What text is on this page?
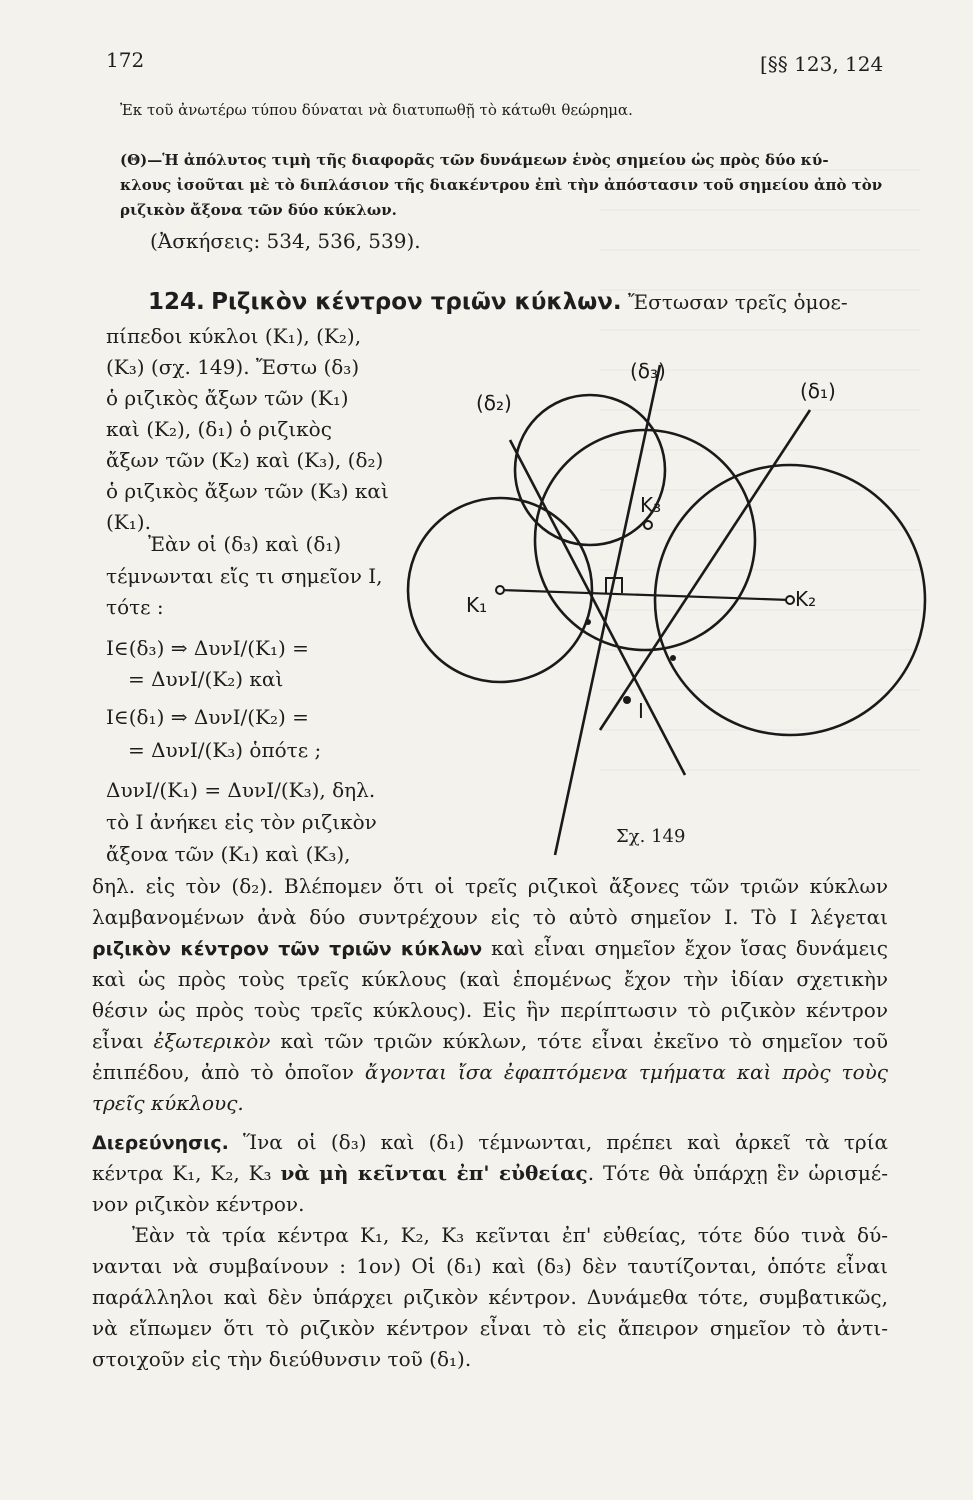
172	[§§ 123, 124
Ἐκ τοῦ ἀνωτέρω τύπου δύναται νὰ διατυπωθῇ τὸ κάτωθι θεώρημα.
(Θ)—Ἡ ἀπόλυτος τιμὴ τῆς διαφορᾶς τῶν δυνάμεων ἑνὸς σημείου ὡς πρὸς δύο κύ-
κλους ἰσοῦται μὲ τὸ διπλάσιον τῆς διακέντρου ἐπὶ τὴν ἀπόστασιν τοῦ σημείου ἀπὸ τὸν
ριζικὸν ἄξονα τῶν δύο κύκλων.
(Ἀσκήσεις: 534, 536, 539).
124. Ριζικὸν κέντρον τριῶν κύκλων. Ἔστωσαν τρεῖς ὁμοε-
πίπεδοι κύκλοι (K₁), (K₂),
(K₃) (σχ. 149). Ἔστω (δ₃)
ὁ ριζικὸς ἄξων τῶν (K₁)
καὶ (K₂), (δ₁) ὁ ριζικὸς
ἄξων τῶν (K₂) καὶ (K₃), (δ₂)
ὁ ριζικὸς ἄξων τῶν (K₃) καὶ
(K₁).
Ἐὰν οἱ (δ₃) καὶ (δ₁)
τέμνωνται εἴς τι σημεῖον I,
τότε :
I∈(δ₃) ⇒ ΔυνI/(K₁) =
= ΔυνI/(K₂) καὶ
I∈(δ₁) ⇒ ΔυνI/(K₂) =
= ΔυνI/(K₃) ὁπότε ;
ΔυνI/(K₁) = ΔυνI/(K₃), δηλ.
τὸ I ἀνήκει εἰς τὸν ριζικὸν
ἄξονα τῶν (K₁) καὶ (K₃),
(δ₃)
(δ₂)	(δ₁)
K₁	K₂
K₃
I
Σχ. 149
δηλ. εἰς τὸν (δ₂). Βλέπομεν ὅτι οἱ τρεῖς ριζικοὶ ἄξονες τῶν τριῶν κύκλων
λαμβανομένων ἀνὰ δύο συντρέχουν εἰς τὸ αὐτὸ σημεῖον I. Τὸ I λέγεται
ριζικὸν κέντρον τῶν τριῶν κύκλων καὶ εἶναι σημεῖον ἔχον ἴσας δυνάμεις
καὶ ὡς πρὸς τοὺς τρεῖς κύκλους (καὶ ἑπομένως ἔχον τὴν ἰδίαν σχετικὴν
θέσιν ὡς πρὸς τοὺς τρεῖς κύκλους). Εἰς ἣν περίπτωσιν τὸ ριζικὸν κέντρον
εἶναι ἐξωτερικὸν καὶ τῶν τριῶν κύκλων, τότε εἶναι ἐκεῖνο τὸ σημεῖον τοῦ
ἐπιπέδου, ἀπὸ τὸ ὁποῖον ἄγονται ἴσα ἐφαπτόμενα τμήματα καὶ πρὸς τοὺς
τρεῖς κύκλους.
Διερεύνησις. Ἵνα οἱ (δ₃) καὶ (δ₁) τέμνωνται, πρέπει καὶ ἀρκεῖ τὰ τρία
κέντρα K₁, K₂, K₃ νὰ μὴ κεῖνται ἐπ' εὐθείας. Τότε θὰ ὑπάρχῃ ἓν ὡρισμέ-
νον ριζικὸν κέντρον.
Ἐὰν τὰ τρία κέντρα K₁, K₂, K₃ κεῖνται ἐπ' εὐθείας, τότε δύο τινὰ δύ-
νανται νὰ συμβαίνουν : 1ον) Οἱ (δ₁) καὶ (δ₃) δὲν ταυτίζονται, ὁπότε εἶναι
παράλληλοι καὶ δὲν ὑπάρχει ριζικὸν κέντρον. Δυνάμεθα τότε, συμβατικῶς,
νὰ εἴπωμεν ὅτι τὸ ριζικὸν κέντρον εἶναι τὸ εἰς ἄπειρον σημεῖον τὸ ἀντι-
στοιχοῦν εἰς τὴν διεύθυνσιν τοῦ (δ₁).
